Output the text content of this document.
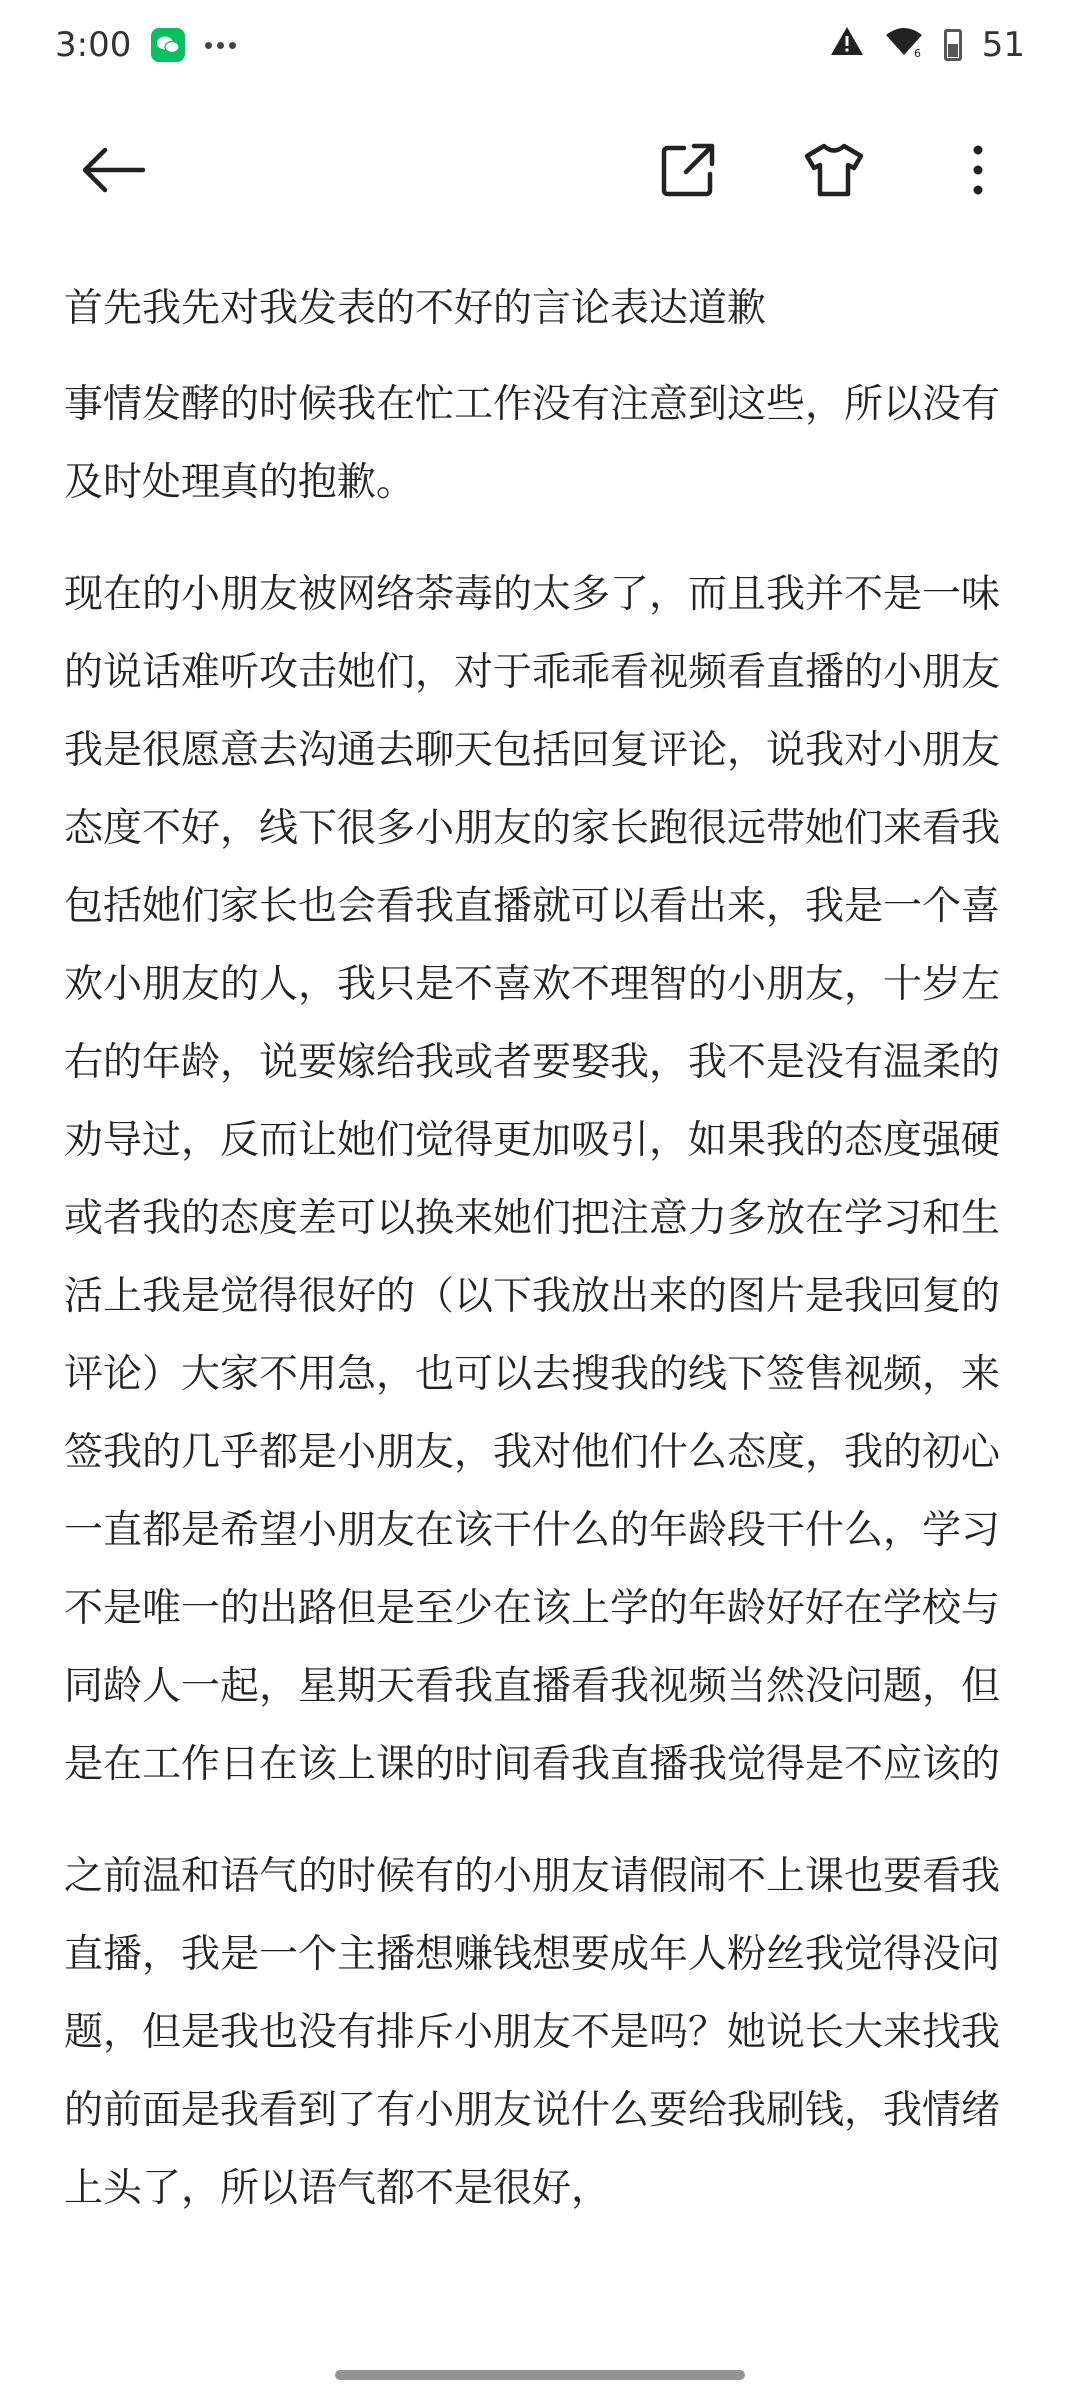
3:00	6 51

首先我先对我发表的不好的言论表达道歉

事情发酵的时候我在忙工作没有注意到这些，所以没有及时处理真的抱歉。

现在的小朋友被网络荼毒的太多了，而且我并不是一味的说话难听攻击她们，对于乖乖看视频看直播的小朋友我是很愿意去沟通去聊天包括回复评论，说我对小朋友态度不好，线下很多小朋友的家长跑很远带她们来看我包括她们家长也会看我直播就可以看出来，我是一个喜欢小朋友的人，我只是不喜欢不理智的小朋友，十岁左右的年龄，说要嫁给我或者要娶我，我不是没有温柔的劝导过，反而让她们觉得更加吸引，如果我的态度强硬或者我的态度差可以换来她们把注意力多放在学习和生活上我是觉得很好的（以下我放出来的图片是我回复的评论）大家不用急，也可以去搜我的线下签售视频，来签我的几乎都是小朋友，我对他们什么态度，我的初心一直都是希望小朋友在该干什么的年龄段干什么，学习不是唯一的出路但是至少在该上学的年龄好好在学校与同龄人一起，星期天看我直播看我视频当然没问题，但是在工作日在该上课的时间看我直播我觉得是不应该的

之前温和语气的时候有的小朋友请假闹不上课也要看我直播，我是一个主播想赚钱想要成年人粉丝我觉得没问题，但是我也没有排斥小朋友不是吗？她说长大来找我的前面是我看到了有小朋友说什么要给我刷钱，我情绪上头了，所以语气都不是很好，
